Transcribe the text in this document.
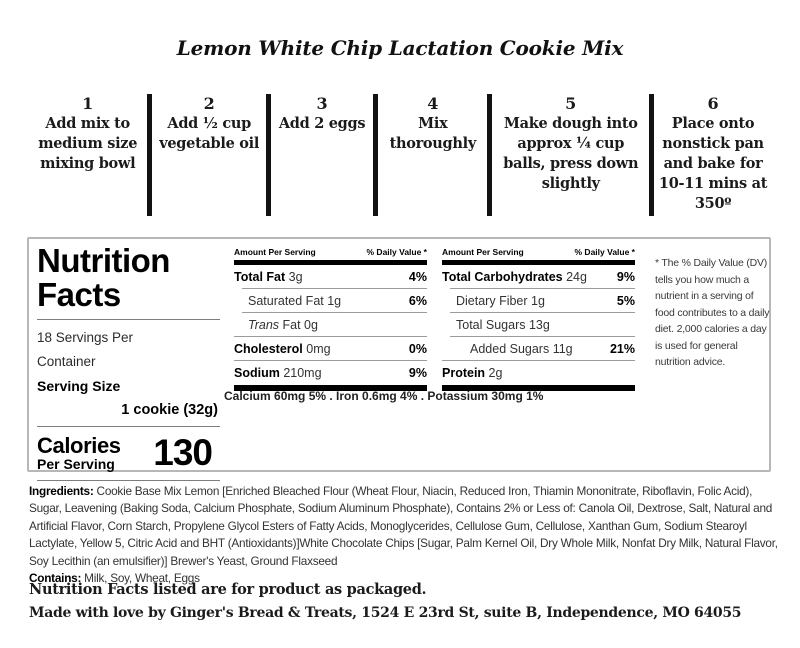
Lemon White Chip Lactation Cookie Mix
1
Add mix to medium size mixing bowl
2
Add ½ cup vegetable oil
3
Add 2 eggs
4
Mix thoroughly
5
Make dough into approx ¼ cup balls, press down slightly
6
Place onto nonstick pan and bake for 10-11 mins at 350º
Nutrition
Facts
18 Servings Per
Container
Serving Size
1 cookie (32g)
Calories
Per Serving 130
Amount Per Serving	% Daily Value *
Total Fat 3g	4%
Saturated Fat 1g	6%
Trans Fat 0g
Cholesterol 0mg	0%
Sodium 210mg	9%
Amount Per Serving	% Daily Value *
Total Carbohydrates 24g 9%
Dietary Fiber 1g	5%
Total Sugars 13g
Added Sugars 11g	21%
Protein 2g
Calcium 60mg 5% . Iron 0.6mg 4% . Potassium 30mg 1%
* The % Daily Value (DV) tells you how much a nutrient in a serving of food contributes to a daily diet. 2,000 calories a day is used for general nutrition advice.
Ingredients: Cookie Base Mix Lemon [Enriched Bleached Flour (Wheat Flour, Niacin, Reduced Iron, Thiamin Mononitrate, Riboflavin, Folic Acid), Sugar, Leavening (Baking Soda, Calcium Phosphate, Sodium Aluminum Phosphate), Contains 2% or Less of: Canola Oil, Dextrose, Salt, Natural and Artificial Flavor, Corn Starch, Propylene Glycol Esters of Fatty Acids, Monoglycerides, Cellulose Gum, Cellulose, Xanthan Gum, Sodium Stearoyl Lactylate, Yellow 5, Citric Acid and BHT (Antioxidants)]White Chocolate Chips [Sugar, Palm Kernel Oil, Dry Whole Milk, Nonfat Dry Milk, Natural Flavor, Soy Lecithin (an emulsifier)] Brewer's Yeast, Ground Flaxseed
Contains: Milk, Soy, Wheat, Eggs
Nutrition Facts listed are for product as packaged.
Made with love by Ginger's Bread & Treats, 1524 E 23rd St, suite B, Independence, MO 64055
